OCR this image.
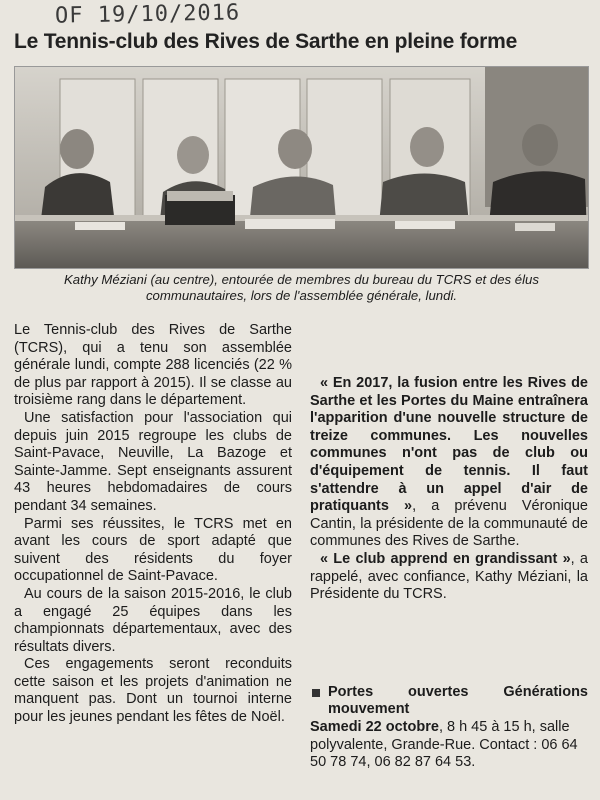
OF 19/10/2016
Le Tennis-club des Rives de Sarthe en pleine forme
Kathy Méziani (au centre), entourée de membres du bureau du TCRS et des élus communautaires, lors de l'assemblée générale, lundi.

Le Tennis-club des Rives de Sarthe (TCRS), qui a tenu son assemblée générale lundi, compte 288 licenciés (22 % de plus par rapport à 2015). Il se classe au troisième rang dans le département.

Une satisfaction pour l'association qui depuis juin 2015 regroupe les clubs de Saint-Pavace, Neuville, La Bazoge et Sainte-Jamme. Sept enseignants assurent 43 heures hebdomadaires de cours pendant 34 semaines.

Parmi ses réussites, le TCRS met en avant les cours de sport adapté que suivent des résidents du foyer occupationnel de Saint-Pavace.

Au cours de la saison 2015-2016, le club a engagé 25 équipes dans les championnats départementaux, avec des résultats divers.

Ces engagements seront reconduits cette saison et les projets d'animation ne manquent pas. Dont un tournoi interne pour les jeunes pendant les fêtes de Noël.

« En 2017, la fusion entre les Rives de Sarthe et les Portes du Maine entraînera l'apparition d'une nouvelle structure de treize communes. Les nouvelles communes n'ont pas de club ou d'équipement de tennis. Il faut s'attendre à un appel d'air de pratiquants », a prévenu Véronique Cantin, la présidente de la communauté de communes des Rives de Sarthe.

« Le club apprend en grandissant », a rappelé, avec confiance, Kathy Méziani, la Présidente du TCRS.

Portes ouvertes Générations mouvement
Samedi 22 octobre, 8 h 45 à 15 h, salle polyvalente, Grande-Rue. Contact : 06 64 50 78 74, 06 82 87 64 53.
